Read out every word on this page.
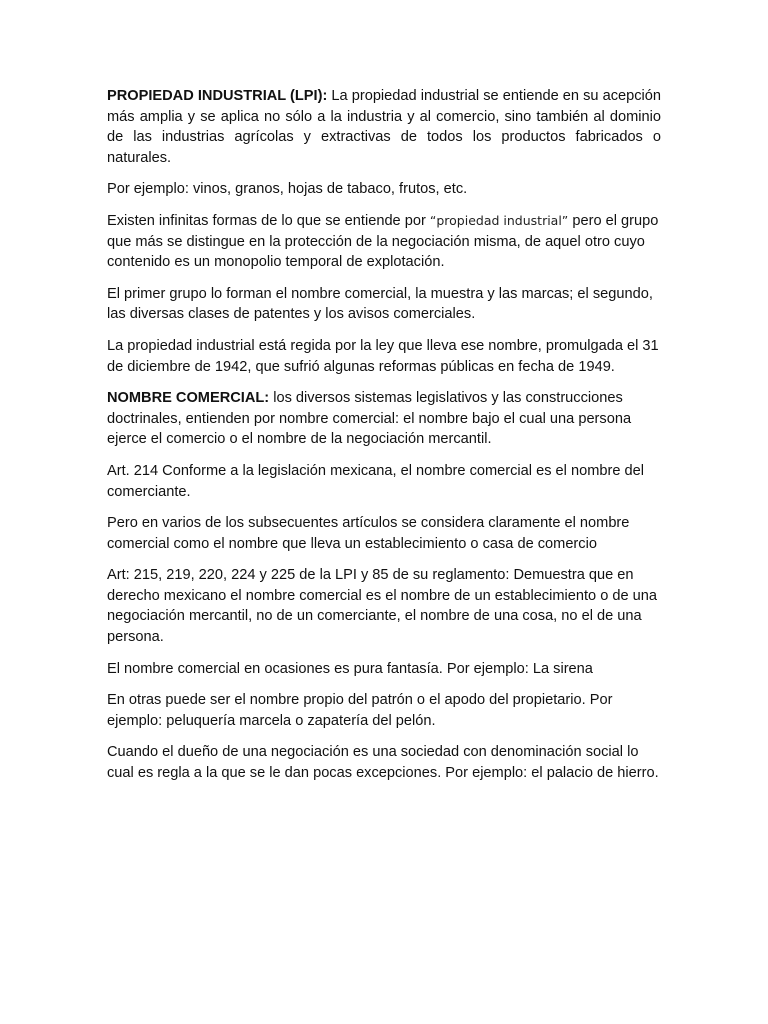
PROPIEDAD INDUSTRIAL (LPI): La propiedad industrial se entiende en su acepción más amplia y se aplica no sólo a la industria y al comercio, sino también al dominio de las industrias agrícolas y extractivas de todos los productos fabricados o naturales.

Por ejemplo: vinos, granos, hojas de tabaco, frutos, etc.

Existen infinitas formas de lo que se entiende por “propiedad industrial” pero el grupo que más se distingue en la protección de la negociación misma, de aquel otro cuyo contenido es un monopolio temporal de explotación.

El primer grupo lo forman el nombre comercial, la muestra y las marcas; el segundo, las diversas clases de patentes y los avisos comerciales.

La propiedad industrial está regida por la ley que lleva ese nombre, promulgada el 31 de diciembre de 1942, que sufrió algunas reformas públicas en fecha de 1949.

NOMBRE COMERCIAL: los diversos sistemas legislativos y las construcciones doctrinales, entienden por nombre comercial: el nombre bajo el cual una persona ejerce el comercio o el nombre de la negociación mercantil.

Art. 214 Conforme a la legislación mexicana, el nombre comercial es el nombre del comerciante.

Pero en varios de los subsecuentes artículos se considera claramente el nombre comercial como el nombre que lleva un establecimiento o casa de comercio

Art: 215, 219, 220, 224 y 225 de la LPI y 85 de su reglamento: Demuestra que en derecho mexicano el nombre comercial es el nombre de un establecimiento o de una negociación mercantil, no de un comerciante, el nombre de una cosa, no el de una persona.

El nombre comercial en ocasiones es pura fantasía. Por ejemplo: La sirena

En otras puede ser el nombre propio del patrón o el apodo del propietario. Por ejemplo: peluquería marcela o zapatería del pelón.

Cuando el dueño de una negociación es una sociedad con denominación social lo cual es regla a la que se le dan pocas excepciones. Por ejemplo: el palacio de hierro.
